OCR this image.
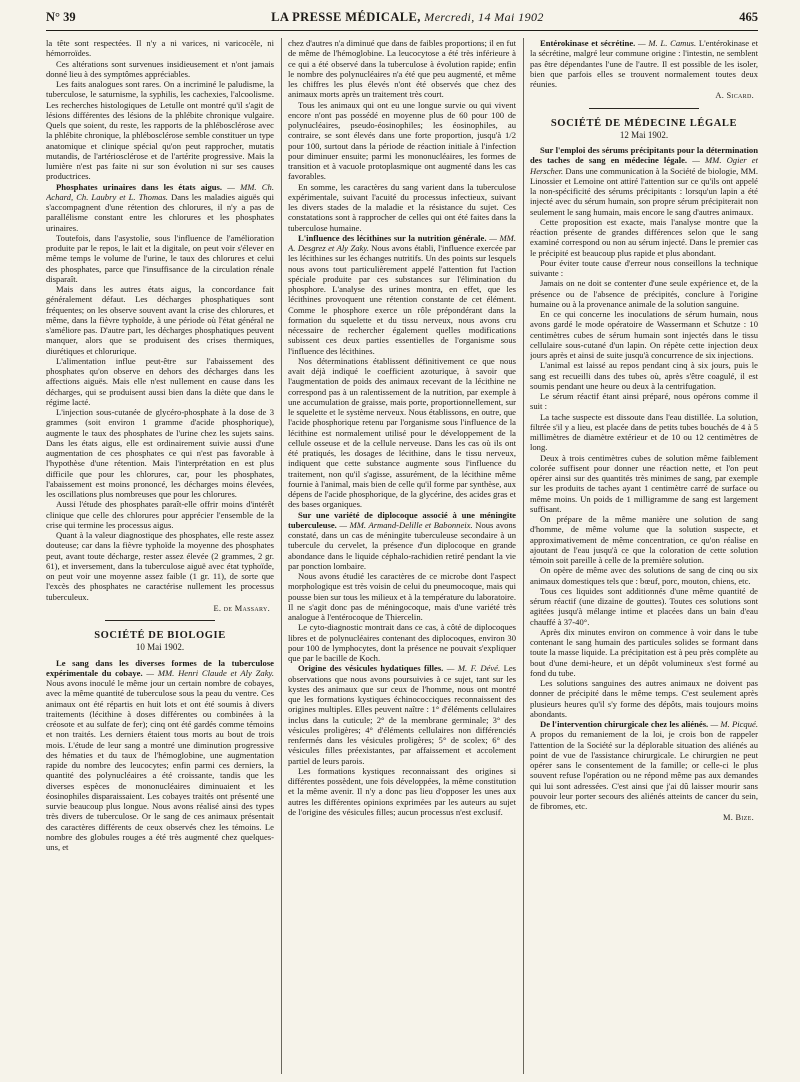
N° 39	LA PRESSE MÉDICALE, Mercredi, 14 Mai 1902	465

la tête sont respectées. Il n'y a ni varices, ni varicocèle, ni hémorroïdes.

Ces altérations sont survenues insidieusement et n'ont jamais donné lieu à des symptômes appréciables.

Les faits analogues sont rares. On a incriminé le paludisme, la tuberculose, le saturnisme, la syphilis, les cachexies, l'alcoolisme. Les recherches histologiques de Letulle ont montré qu'il s'agit de lésions différentes des lésions de la phlébite chronique vulgaire. Quels que soient, du reste, les rapports de la phlébosclérose avec la phlébite chronique, la phlébosclérose semble constituer un type anatomique et clinique spécial qu'on peut rapprocher, mutatis mutandis, de l'artériosclérose et de l'artérite progressive. Mais la lumière n'est pas faite ni sur son évolution ni sur ses causes productrices.

Phosphates urinaires dans les états aigus. — MM. Ch. Achard, Ch. Laubry et L. Thomas. Dans les maladies aiguës qui s'accompagnent d'une rétention des chlorures, il n'y a pas de parallélisme constant entre les chlorures et les phosphates urinaires.

Toutefois, dans l'asystolie, sous l'influence de l'amélioration produite par le repos, le lait et la digitale, on peut voir s'élever en même temps le volume de l'urine, le taux des chlorures et celui des phosphates, parce que l'insuffisance de la circulation rénale disparaît.

Mais dans les autres états aigus, la concordance fait généralement défaut. Les décharges phosphatiques sont fréquentes; on les observe souvent avant la crise des chlorures, et même, dans la fièvre typhoïde, à une période où l'état général ne s'améliore pas. D'autre part, les décharges phosphatiques peuvent manquer, alors que se produisent des crises thermiques, diurétiques et chlorurique.

L'alimentation influe peut-être sur l'abaissement des phosphates qu'on observe en dehors des décharges dans les affections aiguës. Mais elle n'est nullement en cause dans les décharges, qui se produisent aussi bien dans la diète que dans le régime lacté.

L'injection sous-cutanée de glycéro-phosphate à la dose de 3 grammes (soit environ 1 gramme d'acide phosphorique), augmente le taux des phosphates de l'urine chez les sujets sains. Dans les états aigus, elle est ordinairement suivie aussi d'une augmentation de ces phosphates ce qui n'est pas favorable à l'hypothèse d'une rétention. Mais l'interprétation en est plus difficile que pour les chlorures, car, pour les phosphates, l'abaissement est moins prononcé, les décharges moins élevées, les oscillations plus nombreuses que pour les chlorures.

Aussi l'étude des phosphates paraît-elle offrir moins d'intérêt clinique que celle des chlorures pour apprécier l'ensemble de la crise qui termine les processus aigus.

Quant à la valeur diagnostique des phosphates, elle reste assez douteuse; car dans la fièvre typhoïde la moyenne des phosphates peut, avant toute décharge, rester assez élevée (2 grammes, 2 gr. 61), et inversement, dans la tuberculose aiguë avec état typhoïde, on peut voir une moyenne assez faible (1 gr. 11), de sorte que l'excès des phosphates ne caractérise nullement les processus tuberculeux.

E. de Massary.
SOCIÉTÉ DE BIOLOGIE
10 Mai 1902.

Le sang dans les diverses formes de la tuberculose expérimentale du cobaye. — MM. Henri Claude et Aly Zaky. Nous avons inoculé le même jour un certain nombre de cobayes, avec la même quantité de tuberculose sous la peau du ventre. Ces animaux ont été répartis en huit lots et ont été soumis à divers traitements (lécithine à doses différentes ou combinées à la créosote et au sulfate de fer); cinq ont été gardés comme témoins et non traités. Les derniers étaient tous morts au bout de trois mois. L'étude de leur sang a montré une diminution progressive des hématies et du taux de l'hémoglobine, une augmentation rapide du nombre des leucocytes; enfin parmi ces derniers, la quantité des polynucléaires a été croissante, tandis que les diverses espèces de mononucléaires diminuaient et les éosinophiles disparaissaient. Les cobayes traités ont présenté une survie beaucoup plus longue. Nous avons réalisé ainsi des types très divers de tuberculose. Or le sang de ces animaux présentait des caractères différents de ceux observés chez les témoins. Le nombre des globules rouges a été très augmenté chez quelques-uns, et

chez d'autres n'a diminué que dans de faibles proportions; il en fut de même de l'hémoglobine. La leucocytose a été très inférieure à ce qui a été observé dans la tuberculose à évolution rapide; enfin le nombre des polynucléaires n'a été que peu augmenté, et même les chiffres les plus élevés n'ont été observés que chez des animaux morts après un traitement très court.

Tous les animaux qui ont eu une longue survie ou qui vivent encore n'ont pas possédé en moyenne plus de 60 pour 100 de polynucléaires, pseudo-éosinophiles; les éosinophiles, au contraire, se sont élevés dans une forte proportion, jusqu'à 1/2 pour 100, surtout dans la période de réaction initiale à l'infection pour diminuer ensuite; parmi les mononucléaires, les formes de transition et à vacuole protoplasmique ont augmenté dans les cas favorables.

En somme, les caractères du sang varient dans la tuberculose expérimentale, suivant l'acuité du processus infectieux, suivant les divers stades de la maladie et la résistance du sujet. Ces constatations sont à rapprocher de celles qui ont été faites dans la tuberculose humaine.

L'influence des lécithines sur la nutrition générale. — MM. A. Desgrez et Aly Zaky. Nous avons établi, l'influence exercée par les lécithines sur les échanges nutritifs. Un des points sur lesquels nous avons tout particulièrement appelé l'attention fut l'action spéciale produite par ces substances sur l'élimination du phosphore. L'analyse des urines montra, en effet, que les lécithines provoquent une rétention constante de cet élément. Comme le phosphore exerce un rôle prépondérant dans la formation du squelette et du tissu nerveux, nous avons cru nécessaire de rechercher également quelles modifications subissent ces deux parties essentielles de l'organisme sous l'influence des lécithines.

Nos déterminations établissent définitivement ce que nous avait déjà indiqué le coefficient azoturique, à savoir que l'augmentation de poids des animaux recevant de la lécithine ne correspond pas à un ralentissement de la nutrition, par exemple à une accumulation de graisse, mais porte, proportionnellement, sur le squelette et le système nerveux. Nous établissons, en outre, que l'acide phosphorique retenu par l'organisme sous l'influence de la lécithine est normalement utilisé pour le développement de la cellule osseuse et de la cellule nerveuse. Dans les cas où ils ont été pratiqués, les dosages de lécithine, dans le tissu nerveux, indiquent que cette substance augmente sous l'influence du traitement, non qu'il s'agisse, assurément, de la lécithine même fournie à l'animal, mais bien de celle qu'il forme par synthèse, aux dépens de l'acide phosphorique, de la glycérine, des acides gras et des bases organiques.

Sur une variété de diplocoque associé à une méningite tuberculeuse. — MM. Armand-Delille et Babonneix. Nous avons constaté, dans un cas de méningite tuberculeuse secondaire à un tubercule du cervelet, la présence d'un diplocoque en grande abondance dans le liquide céphalo-rachidien retiré pendant la vie par ponction lombaire.

Nous avons étudié les caractères de ce microbe dont l'aspect morphologique est très voisin de celui du pneumocoque, mais qui pousse bien sur tous les milieux et à la température du laboratoire. Il ne s'agit donc pas de méningocoque, mais d'une variété très analogue à l'entérocoque de Thiercelin.

Le cyto-diagnostic montrait dans ce cas, à côté de diplocoques libres et de polynucléaires contenant des diplocoques, environ 30 pour 100 de lymphocytes, dont la présence ne pouvait s'expliquer que par le bacille de Koch.

Origine des vésicules hydatiques filles. — M. F. Dévé. Les observations que nous avons poursuivies à ce sujet, tant sur les kystes des animaux que sur ceux de l'homme, nous ont montré que les formations kystiques échinococciques reconnaissent des origines multiples. Elles peuvent naître : 1° d'éléments cellulaires inclus dans la cuticule; 2° de la membrane germinale; 3° des vésicules proligères; 4° d'éléments cellulaires non différenciés renfermés dans les vésicules proligères; 5° de scolex; 6° des vésicules filles préexistantes, par affaissement et accolement partiel de leurs parois.

Les formations kystiques reconnaissant des origines si différentes possèdent, une fois développées, la même constitution et la même avenir. Il n'y a donc pas lieu d'opposer les unes aux autres les différentes opinions exprimées par les auteurs au sujet de l'origine des vésicules filles; aucun processus n'est exclusif.

Entérokinase et sécrétine. — M. L. Camus. L'entérokinase et la sécrétine, malgré leur commune origine : l'intestin, ne semblent pas être dépendantes l'une de l'autre. Il est possible de les isoler, bien que parfois elles se trouvent normalement toutes deux réunies.

A. Sicard.
SOCIÉTÉ DE MÉDECINE LÉGALE
12 Mai 1902.

Sur l'emploi des sérums précipitants pour la détermination des taches de sang en médecine légale. — MM. Ogier et Herscher. Dans une communication à la Société de biologie, MM. Linossier et Lemoine ont attiré l'attention sur ce qu'ils ont appelé la non-spécificité des sérums précipitants : lorsqu'un lapin a été injecté avec du sérum humain, son propre sérum précipiterait non seulement le sang humain, mais encore le sang d'autres animaux.

Cette proposition est exacte, mais l'analyse montre que la réaction présente de grandes différences selon que le sang examiné correspond ou non au sérum injecté. Dans le premier cas le précipité est beaucoup plus rapide et plus abondant.

Pour éviter toute cause d'erreur nous conseillons la technique suivante :

Jamais on ne doit se contenter d'une seule expérience et, de la présence ou de l'absence de précipités, conclure à l'origine humaine ou à la provenance animale de la solution sanguine.

En ce qui concerne les inoculations de sérum humain, nous avons gardé le mode opératoire de Wassermann et Schutze : 10 centimètres cubes de sérum humain sont injectés dans le tissu cellulaire sous-cutané d'un lapin. On répète cette injection deux jours après et ainsi de suite jusqu'à concurrence de six injections.

L'animal est laissé au repos pendant cinq à six jours, puis le sang est recueilli dans des tubes où, après s'être coagulé, il est soumis pendant une heure ou deux à la centrifugation.

Le sérum réactif étant ainsi préparé, nous opérons comme il suit :

La tache suspecte est dissoute dans l'eau distillée. La solution, filtrée s'il y a lieu, est placée dans de petits tubes bouchés de 4 à 5 millimètres de diamètre extérieur et de 10 ou 12 centimètres de long.

Deux à trois centimètres cubes de solution même faiblement colorée suffisent pour donner une réaction nette, et l'on peut opérer ainsi sur des quantités très minimes de sang, par exemple sur les produits de taches ayant 1 centimètre carré de surface ou même moins. Un poids de 1 milligramme de sang est largement suffisant.

On prépare de la même manière une solution de sang d'homme, de même volume que la solution suspecte, et approximativement de même concentration, ce qu'on réalise en ajoutant de l'eau jusqu'à ce que la coloration de cette solution témoin soit pareille à celle de la première solution.

On opère de même avec des solutions de sang de cinq ou six animaux domestiques tels que : bœuf, porc, mouton, chiens, etc.

Tous ces liquides sont additionnés d'une même quantité de sérum réactif (une dizaine de gouttes). Toutes ces solutions sont agitées jusqu'à mélange intime et placées dans un bain d'eau chauffé à 37-40°.

Après dix minutes environ on commence à voir dans le tube contenant le sang humain des particules solides se formant dans toute la masse liquide. La précipitation est à peu près complète au bout d'une demi-heure, et un dépôt volumineux s'est formé au fond du tube.

Les solutions sanguines des autres animaux ne doivent pas donner de précipité dans le même temps. C'est seulement après plusieurs heures qu'il s'y forme des dépôts, mais toujours moins abondants.

De l'intervention chirurgicale chez les aliénés. — M. Picqué. A propos du remaniement de la loi, je crois bon de rappeler l'attention de la Société sur la déplorable situation des aliénés au point de vue de l'assistance chirurgicale. Le chirurgien ne peut opérer sans le consentement de la famille; or celle-ci le plus souvent refuse l'opération ou ne répond même pas aux demandes qui lui sont adressées. C'est ainsi que j'ai dû laisser mourir sans pouvoir leur porter secours des aliénés atteints de cancer du sein, de fibromes, etc.

M. Bize.
